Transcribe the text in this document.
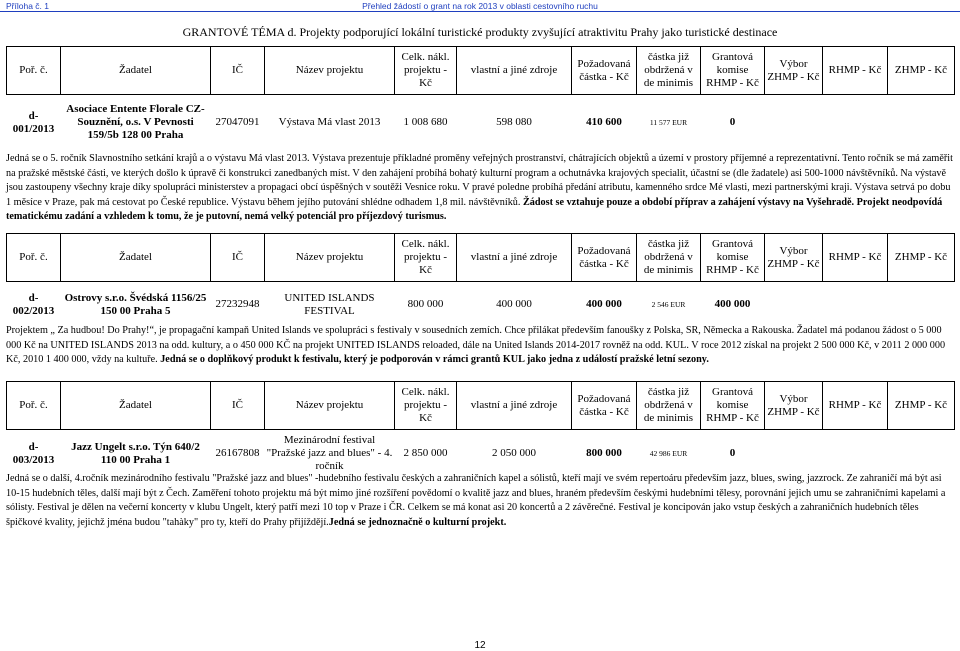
Příloha č. 1	Přehled žádostí o grant na rok 2013 v oblasti cestovního ruchu
GRANTOVÉ TÉMA d. Projekty podporující lokální turistické produkty zvyšující atraktivitu Prahy jako turistické destinace
Poř. č.	Žadatel	IČ	Název projektu	Celk. nákl. projektu - Kč	vlastní a jiné zdroje	Požadovaná částka - Kč	částka již obdržená v de minimis	Grantová komise RHMP - Kč	Výbor ZHMP - Kč	RHMP - Kč	ZHMP - Kč
d-001/2013	Asociace Entente Florale CZ-Souznění, o.s. V Pevnosti 159/5b 128 00 Praha	27047091	Výstava Má vlast 2013	1 008 680	598 080	410 600	11 577 EUR	0			

Jedná se o 5. ročník Slavnostního setkání krajů a o výstavu Má vlast 2013. Výstava prezentuje příkladné proměny veřejných prostranství, chátrajících objektů a území v prostory příjemné a reprezentativní. Tento ročník se má zaměřit na pražské městské části, ve kterých došlo k úpravě či konstrukci zanedbaných míst. V den zahájení probíhá bohatý kulturní program a ochutnávka krajových specialit, účastní se (dle žadatele) asi 500-1000 návštěvníků. Na výstavě jsou zastoupeny všechny kraje díky spolupráci ministerstev a propagaci obcí úspěšných v soutěži Vesnice roku. V pravé poledne probíhá předání atributu, kamenného srdce Mé vlasti, mezi partnerskými kraji. Výstava setrvá po dobu 1 měsíce v Praze, pak má cestovat po České republice. Výstavu během jejího putování shlédne odhadem 1,8 mil. návštěvníků. Žádost se vztahuje pouze a období příprav a zahájení výstavy na Vyšehradě. Projekt neodpovídá tematickému zadání a vzhledem k tomu, že je putovní, nemá velký potenciál pro příjezdový turismus.

Poř. č.	Žadatel	IČ	Název projektu	Celk. nákl. projektu - Kč	vlastní a jiné zdroje	Požadovaná částka - Kč	částka již obdržená v de minimis	Grantová komise RHMP - Kč	Výbor ZHMP - Kč	RHMP - Kč	ZHMP - Kč
d-002/2013	Ostrovy s.r.o. Švédská 1156/25 150 00 Praha 5	27232948	UNITED ISLANDS FESTIVAL	800 000	400 000	400 000	2 546 EUR	400 000			

Projektem „ Za hudbou! Do Prahy!“, je propagační kampaň United Islands ve spolupráci s festivaly v sousedních zemích. Chce přilákat především fanoušky z Polska, SR, Německa a Rakouska. Žadatel má podanou žádost o 5 000 000 Kč na UNITED ISLANDS 2013 na odd. kultury, a o 450 000 KČ na projekt UNITED ISLANDS reloaded, dále na United Islands 2014-2017 rovněž na odd. KUL. V roce 2012 získal na projekt 2 500 000 Kč, v 2011 2 000 000 Kč, 2010 1 400 000, vždy na kultuře. Jedná se o doplňkový produkt k festivalu, který je podporován v rámci grantů KUL jako jedna z událostí pražské letní sezony.

Poř. č.	Žadatel	IČ	Název projektu	Celk. nákl. projektu - Kč	vlastní a jiné zdroje	Požadovaná částka - Kč	částka již obdržená v de minimis	Grantová komise RHMP - Kč	Výbor ZHMP - Kč	RHMP - Kč	ZHMP - Kč
d-003/2013	Jazz Ungelt s.r.o. Týn 640/2 110 00 Praha 1	26167808	Mezinárodní festival "Pražské jazz and blues" - 4. ročník	2 850 000	2 050 000	800 000	42 986 EUR	0			

Jedná se o další, 4.ročník mezinárodního festivalu "Pražské jazz and blues" -hudebního festivalu českých a zahraničních kapel a sólistů, kteří mají ve svém repertoáru především jazz, blues, swing, jazzrock. Ze zahraničí má být asi 10-15 hudebních těles, další mají být z Čech. Zaměření tohoto projektu má být mimo jiné rozšíření povědomí o kvalitě jazz and blues, hraném především českými hudebními tělesy, porovnání jejich umu se zahraničními kapelami a sólisty. Festival je dělen na večerní koncerty v klubu Ungelt, který patří mezi 10 top v Praze i ČR. Celkem se má konat asi 20 koncertů a 2 závěrečné. Festival je koncipován jako vstup českých a zahraničních hudebních těles špičkové kvality, jejichž jména budou "tahàky" pro ty, kteří do Prahy přijíždějí.Jedná se jednoznačně o kulturní projekt.

12
